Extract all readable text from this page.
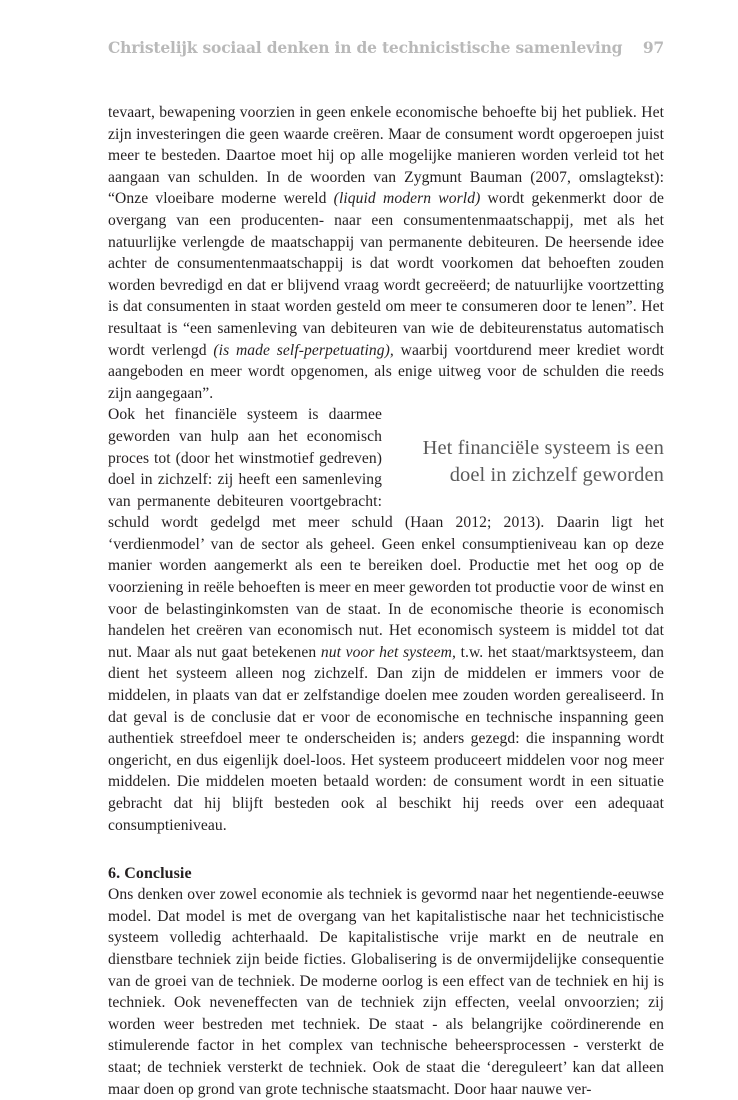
Christelijk sociaal denken in de technicistische samenleving 97

tevaart, bewapening voorzien in geen enkele economische behoefte bij het publiek. Het zijn investeringen die geen waarde creëren. Maar de consument wordt opgeroepen juist meer te besteden. Daartoe moet hij op alle mogelijke manieren worden verleid tot het aangaan van schulden. In de woorden van Zygmunt Bauman (2007, omslagtekst): “Onze vloeibare moderne wereld (liquid modern world) wordt gekenmerkt door de overgang van een producenten- naar een consumentenmaatschappij, met als het natuurlijke verlengde de maatschappij van permanente debiteuren. De heersende idee achter de consumentenmaatschappij is dat wordt voorkomen dat behoeften zouden worden bevredigd en dat er blijvend vraag wordt gecreëerd; de natuurlijke voortzetting is dat consumenten in staat worden gesteld om meer te consumeren door te lenen”. Het resultaat is “een samenleving van debiteuren van wie de debiteurenstatus automatisch wordt verlengd (is made self-perpetuating), waarbij voortdurend meer krediet wordt aangeboden en meer wordt opgenomen, als enige uitweg voor de schulden die reeds zijn aangegaan”.

Ook
Het financiële systeem is een doel in zichzelf geworden
het financiële systeem is daarmee geworden van hulp aan het economisch proces tot (door het winstmotief gedreven) doel in zichzelf: zij heeft een samenleving van permanente debiteuren voortgebracht: schuld wordt gedelgd met meer schuld (Haan 2012; 2013). Daarin ligt het ‘verdienmodel’ van de sector als geheel. Geen enkel consumptieniveau kan op deze manier worden aangemerkt als een te bereiken doel. Productie met het oog op de voorziening in reële behoeften is meer en meer geworden tot productie voor de winst en voor de belastinginkomsten van de staat. In de economische theorie is economisch handelen het creëren van economisch nut. Het economisch systeem is middel tot dat nut. Maar als nut gaat betekenen nut voor het systeem, t.w. het staat/marktsysteem, dan dient het systeem alleen nog zichzelf. Dan zijn de middelen er immers voor de middelen, in plaats van dat er zelfstandige doelen mee zouden worden gerealiseerd. In dat geval is de conclusie dat er voor de economische en technische inspanning geen authentiek streefdoel meer te onderscheiden is; anders gezegd: die inspanning wordt ongericht, en dus eigenlijk doel-loos. Het systeem produceert middelen voor nog meer middelen. Die middelen moeten betaald worden: de consument wordt in een situatie gebracht dat hij blijft besteden ook al beschikt hij reeds over een adequaat consumptieniveau.

6. Conclusie

Ons denken over zowel economie als techniek is gevormd naar het negentiende-eeuwse model. Dat model is met de overgang van het kapitalistische naar het technicistische systeem volledig achterhaald. De kapitalistische vrije markt en de neutrale en dienstbare techniek zijn beide ficties. Globalisering is de onvermijdelijke consequentie van de groei van de techniek. De moderne oorlog is een effect van de techniek en hij is techniek. Ook neveneffecten van de techniek zijn effecten, veelal onvoorzien; zij worden weer bestreden met techniek. De staat - als belangrijke coördinerende en stimulerende factor in het complex van technische beheersprocessen - versterkt de staat; de techniek versterkt de techniek. Ook de staat die ‘dereguleert’ kan dat alleen maar doen op grond van grote technische staatsmacht. Door haar nauwe ver-
